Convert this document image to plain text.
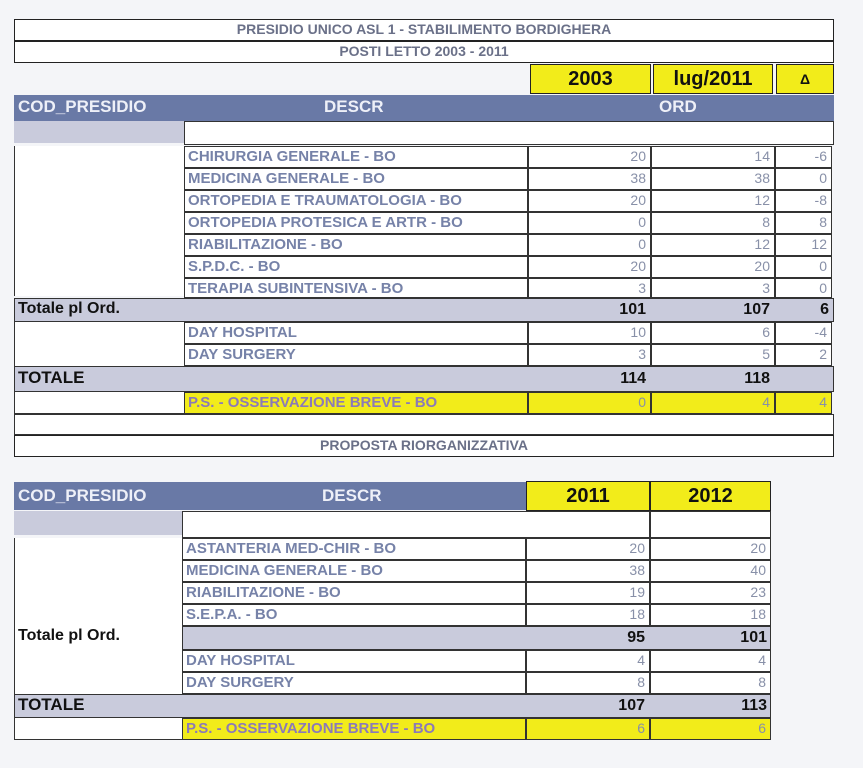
PRESIDIO UNICO ASL 1 - STABILIMENTO BORDIGHERA
POSTI LETTO 2003 - 2011
2003	lug/2011	Δ
COD_PRESIDIO	DESCR	ORD
CHIRURGIA GENERALE - BO	20	14	-6
MEDICINA GENERALE - BO	38	38	0
ORTOPEDIA E TRAUMATOLOGIA - BO	20	12	-8
ORTOPEDIA PROTESICA E ARTR - BO	0	8	8
RIABILITAZIONE - BO	0	12	12
S.P.D.C. - BO	20	20	0
TERAPIA SUBINTENSIVA - BO	3	3	0
Totale pl Ord.	101	107	6
DAY HOSPITAL	10	6	-4
DAY SURGERY	3	5	2
TOTALE	114	118
P.S. - OSSERVAZIONE BREVE - BO	0	4	4
PROPOSTA RIORGANIZZATIVA
COD_PRESIDIO	DESCR	2011	2012
ASTANTERIA MED-CHIR - BO	20	20
MEDICINA GENERALE - BO	38	40
RIABILITAZIONE - BO	19	23
S.E.P.A. - BO	18	18
Totale pl Ord.	95	101
DAY HOSPITAL	4	4
DAY SURGERY	8	8
TOTALE	107	113
P.S. - OSSERVAZIONE BREVE - BO	6	6
